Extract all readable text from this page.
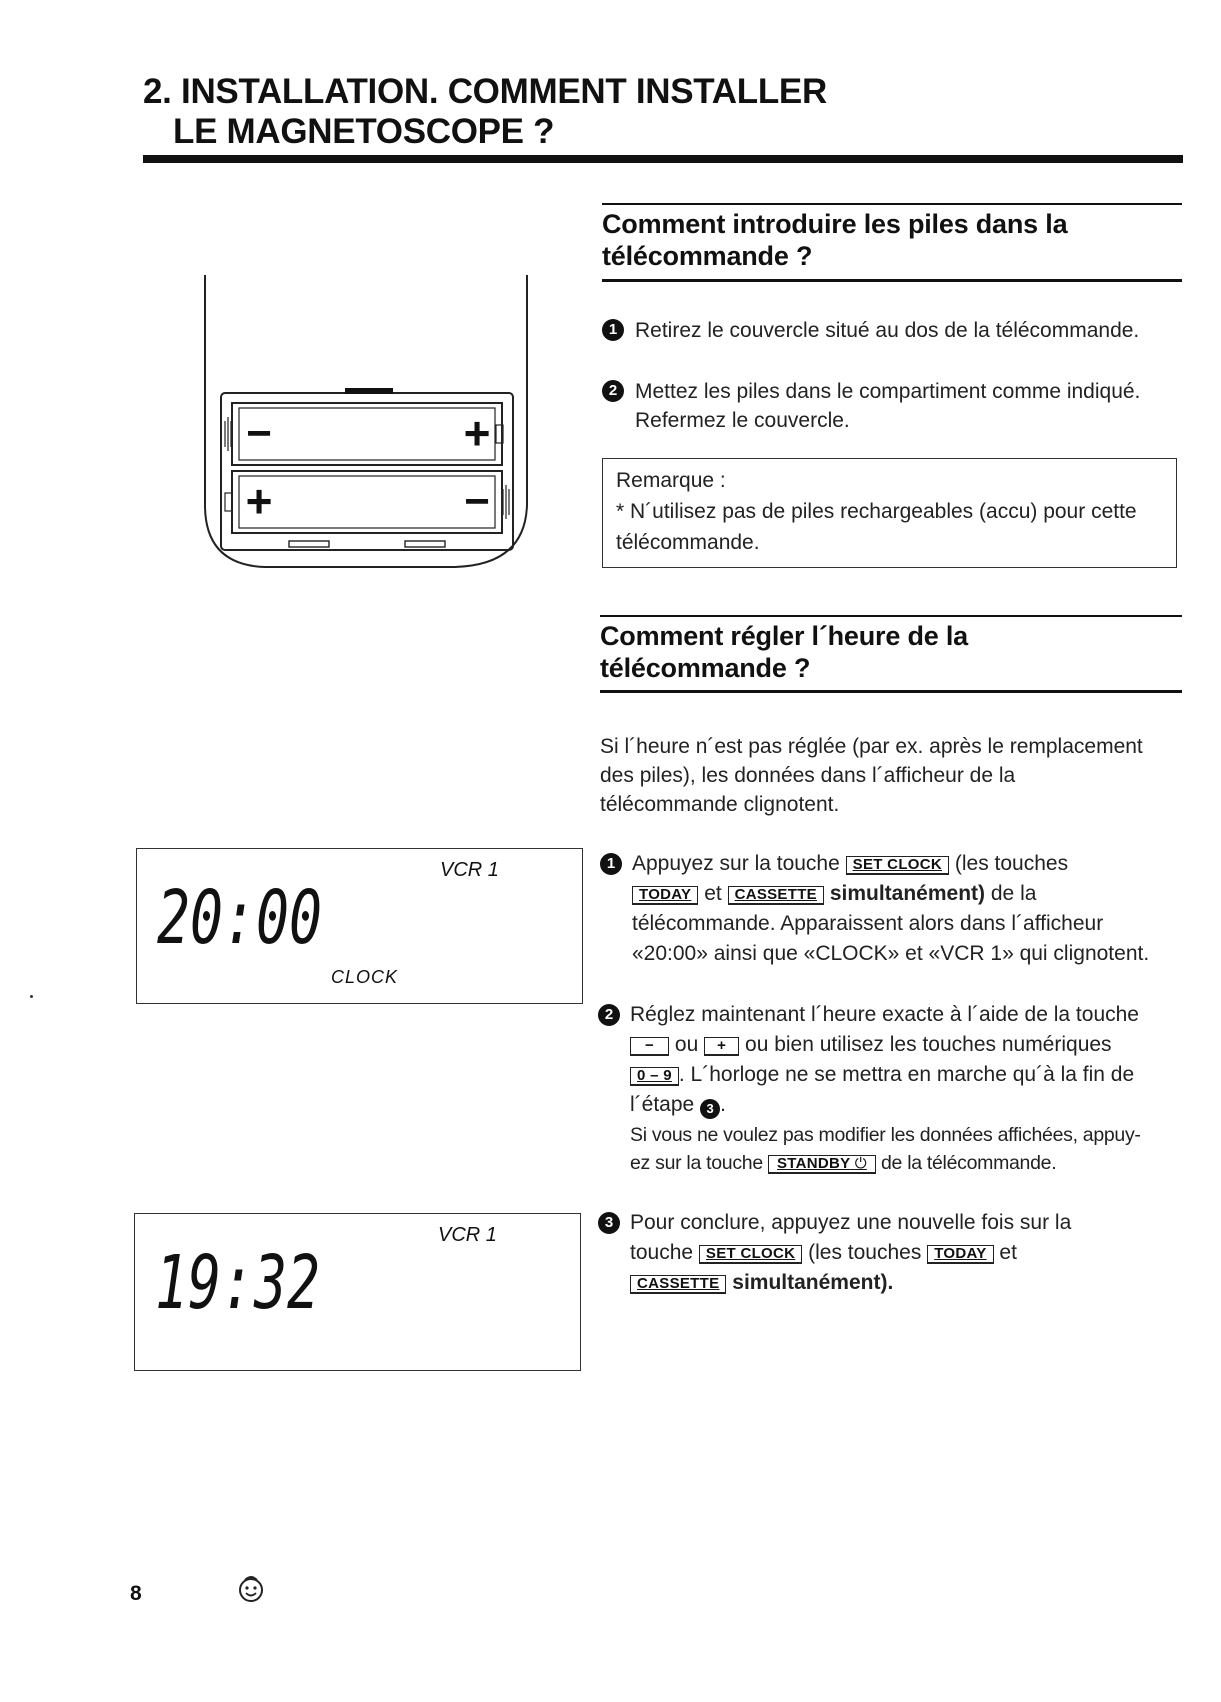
2. INSTALLATION. COMMENT INSTALLER
LE MAGNETOSCOPE ?
Comment introduire les piles dans la
télécommande ?
1 Retirez le couvercle situé au dos de la télécommande.
2 Mettez les piles dans le compartiment comme indiqué.
Refermez le couvercle.
Remarque :
* N´utilisez pas de piles rechargeables (accu) pour cette
télécommande.
−	+
+	−
Comment régler l´heure de la
télécommande ?
Si l´heure n´est pas réglée (par ex. après le remplacement
des piles), les données dans l´afficheur de la
télécommande clignotent.
1 Appuyez sur la touche SET CLOCK (les touches
TODAY et CASSETTE simultanément) de la
télécommande. Apparaissent alors dans l´afficheur
«20:00» ainsi que «CLOCK» et «VCR 1» qui clignotent.
2 Réglez maintenant l´heure exacte à l´aide de la touche
− ou + ou bien utilisez les touches numériques
0 – 9 . L´horloge ne se mettra en marche qu´à la fin de
l´étape 3 .
Si vous ne voulez pas modifier les données affichées, appuy-
ez sur la touche STANDBY ⏻ de la télécommande.
3 Pour conclure, appuyez une nouvelle fois sur la
touche SET CLOCK (les touches TODAY et
CASSETTE simultanément).
VCR 1
20:00
CLOCK
VCR 1
19:32
8
